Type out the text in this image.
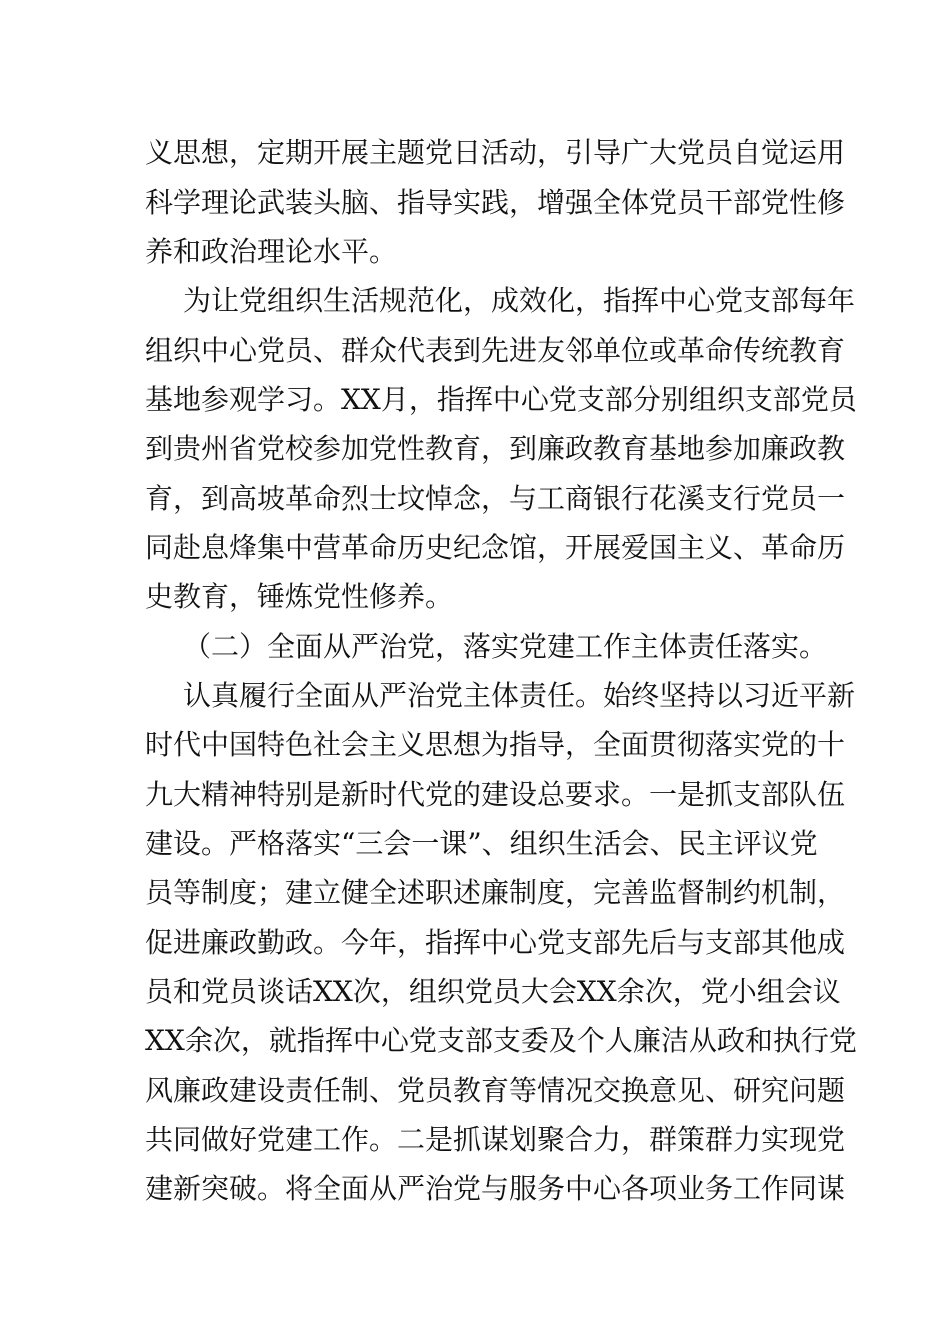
义思想，定期开展主题党日活动，引导广大党员自觉运用
科学理论武装头脑、指导实践，增强全体党员干部党性修
养和政治理论水平。
为让党组织生活规范化，成效化，指挥中心党支部每年
组织中心党员、群众代表到先进友邻单位或革命传统教育
基地参观学习。XX月，指挥中心党支部分别组织支部党员
到贵州省党校参加党性教育，到廉政教育基地参加廉政教
育，到高坡革命烈士坟悼念，与工商银行花溪支行党员一
同赴息烽集中营革命历史纪念馆，开展爱国主义、革命历
史教育，锤炼党性修养。
（二）全面从严治党，落实党建工作主体责任落实。
认真履行全面从严治党主体责任。始终坚持以习近平新
时代中国特色社会主义思想为指导，全面贯彻落实党的十
九大精神特别是新时代党的建设总要求。一是抓支部队伍
建设。严格落实“三会一课”、组织生活会、民主评议党
员等制度；建立健全述职述廉制度，完善监督制约机制，
促进廉政勤政。今年，指挥中心党支部先后与支部其他成
员和党员谈话XX次，组织党员大会XX余次，党小组会议
XX余次，就指挥中心党支部支委及个人廉洁从政和执行党
风廉政建设责任制、党员教育等情况交换意见、研究问题
共同做好党建工作。二是抓谋划聚合力，群策群力实现党
建新突破。将全面从严治党与服务中心各项业务工作同谋
